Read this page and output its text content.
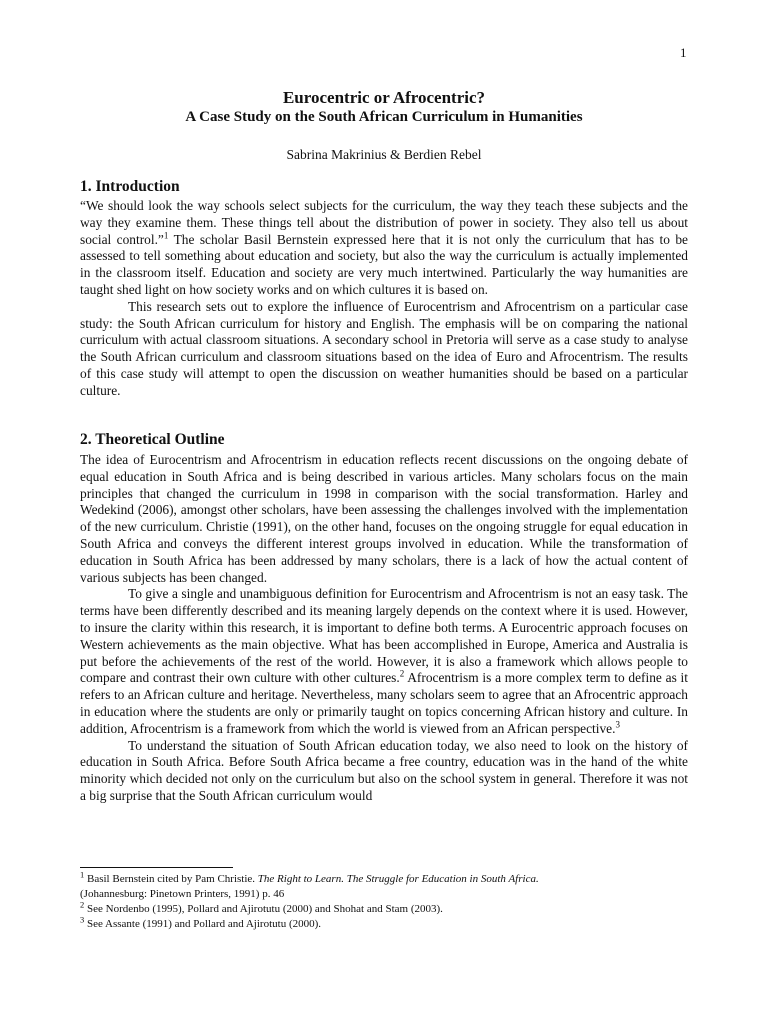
1
Eurocentric or Afrocentric?
A Case Study on the South African Curriculum in Humanities
Sabrina Makrinius & Berdien Rebel
1. Introduction

“We should look the way schools select subjects for the curriculum, the way they teach these subjects and the way they examine them. These things tell about the distribution of power in society. They also tell us about social control.”$^1$ The scholar Basil Bernstein expressed here that it is not only the curriculum that has to be assessed to tell something about education and society, but also the way the curriculum is actually implemented in the classroom itself. Education and society are very much intertwined. Particularly the way humanities are taught shed light on how society works and on which cultures it is based on.

This research sets out to explore the influence of Eurocentrism and Afrocentrism on a particular case study: the South African curriculum for history and English. The emphasis will be on comparing the national curriculum with actual classroom situations. A secondary school in Pretoria will serve as a case study to analyse the South African curriculum and classroom situations based on the idea of Euro and Afrocentrism. The results of this case study will attempt to open the discussion on weather humanities should be based on a particular culture.

2. Theoretical Outline

The idea of Eurocentrism and Afrocentrism in education reflects recent discussions on the ongoing debate of equal education in South Africa and is being described in various articles. Many scholars focus on the main principles that changed the curriculum in 1998 in comparison with the social transformation. Harley and Wedekind (2006), amongst other scholars, have been assessing the challenges involved with the implementation of the new curriculum. Christie (1991), on the other hand, focuses on the ongoing struggle for equal education in South Africa and conveys the different interest groups involved in education. While the transformation of education in South Africa has been addressed by many scholars, there is a lack of how the actual content of various subjects has been changed.

To give a single and unambiguous definition for Eurocentrism and Afrocentrism is not an easy task. The terms have been differently described and its meaning largely depends on the context where it is used. However, to insure the clarity within this research, it is important to define both terms. A Eurocentric approach focuses on Western achievements as the main objective. What has been accomplished in Europe, America and Australia is put before the achievements of the rest of the world. However, it is also a framework which allows people to compare and contrast their own culture with other cultures.$^2$ Afrocentrism is a more complex term to define as it refers to an African culture and heritage. Nevertheless, many scholars seem to agree that an Afrocentric approach in education where the students are only or primarily taught on topics concerning African history and culture. In addition, Afrocentrism is a framework from which the world is viewed from an African perspective.$^3$

To understand the situation of South African education today, we also need to look on the history of education in South Africa. Before South Africa became a free country, education was in the hand of the white minority which decided not only on the curriculum but also on the school system in general. Therefore it was not a big surprise that the South African curriculum would

$^1$ Basil Bernstein cited by Pam Christie. The Right to Learn. The Struggle for Education in South Africa.
(Johannesburg: Pinetown Printers, 1991) p. 46

$^2$ See Nordenbo (1995), Pollard and Ajirotutu (2000) and Shohat and Stam (2003).

$^3$ See Assante (1991) and Pollard and Ajirotutu (2000).
